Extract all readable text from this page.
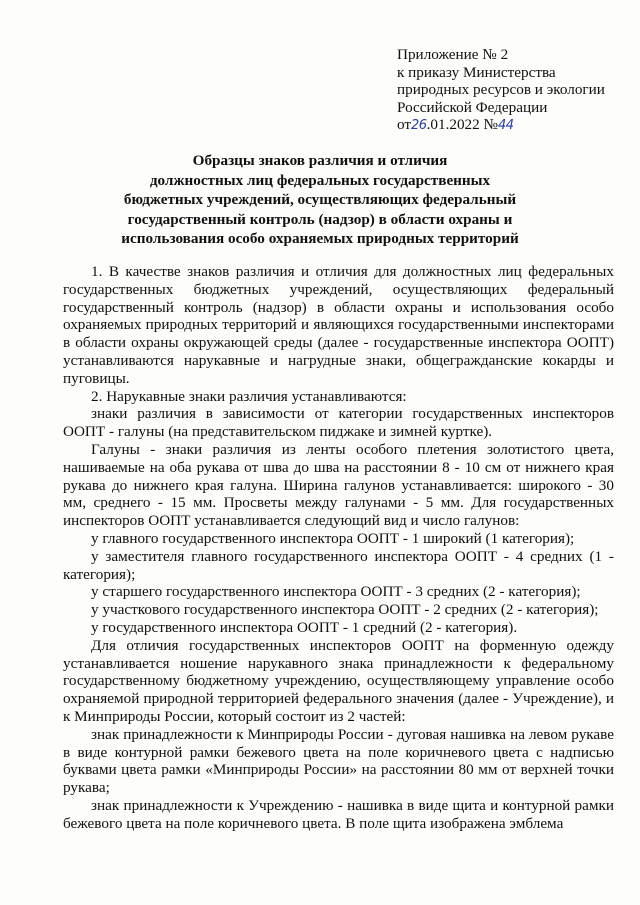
Приложение № 2
к приказу Министерства
природных ресурсов и экологии
Российской Федерации
от26.01.2022 №44
Образцы знаков различия и отличия
должностных лиц федеральных государственных
бюджетных учреждений, осуществляющих федеральный
государственный контроль (надзор) в области охраны и
использования особо охраняемых природных территорий

1. В качестве знаков различия и отличия для должностных лиц федеральных государственных бюджетных учреждений, осуществляющих федеральный государственный контроль (надзор) в области охраны и использования особо охраняемых природных территорий и являющихся государственными инспекторами в области охраны окружающей среды (далее - государственные инспектора ООПТ) устанавливаются нарукавные и нагрудные знаки, общегражданские кокарды и пуговицы.

2. Нарукавные знаки различия устанавливаются:

знаки различия в зависимости от категории государственных инспекторов ООПТ - галуны (на представительском пиджаке и зимней куртке).

Галуны - знаки различия из ленты особого плетения золотистого цвета, нашиваемые на оба рукава от шва до шва на расстоянии 8 - 10 см от нижнего края рукава до нижнего края галуна. Ширина галунов устанавливается: широкого - 30 мм, среднего - 15 мм. Просветы между галунами - 5 мм. Для государственных инспекторов ООПТ устанавливается следующий вид и число галунов:

у главного государственного инспектора ООПТ - 1 широкий (1 категория);

у заместителя главного государственного инспектора ООПТ - 4 средних (1 - категория);

у старшего государственного инспектора ООПТ - 3 средних (2 - категория);

у участкового государственного инспектора ООПТ - 2 средних (2 - категория);

у государственного инспектора ООПТ - 1 средний (2 - категория).

Для отличия государственных инспекторов ООПТ на форменную одежду устанавливается ношение нарукавного знака принадлежности к федеральному государственному бюджетному учреждению, осуществляющему управление особо охраняемой природной территорией федерального значения (далее - Учреждение), и к Минприроды России, который состоит из 2 частей:

знак принадлежности к Минприроды России - дуговая нашивка на левом рукаве в виде контурной рамки бежевого цвета на поле коричневого цвета с надписью буквами цвета рамки «Минприроды России» на расстоянии 80 мм от верхней точки рукава;

знак принадлежности к Учреждению - нашивка в виде щита и контурной рамки бежевого цвета на поле коричневого цвета. В поле щита изображена эмблема
